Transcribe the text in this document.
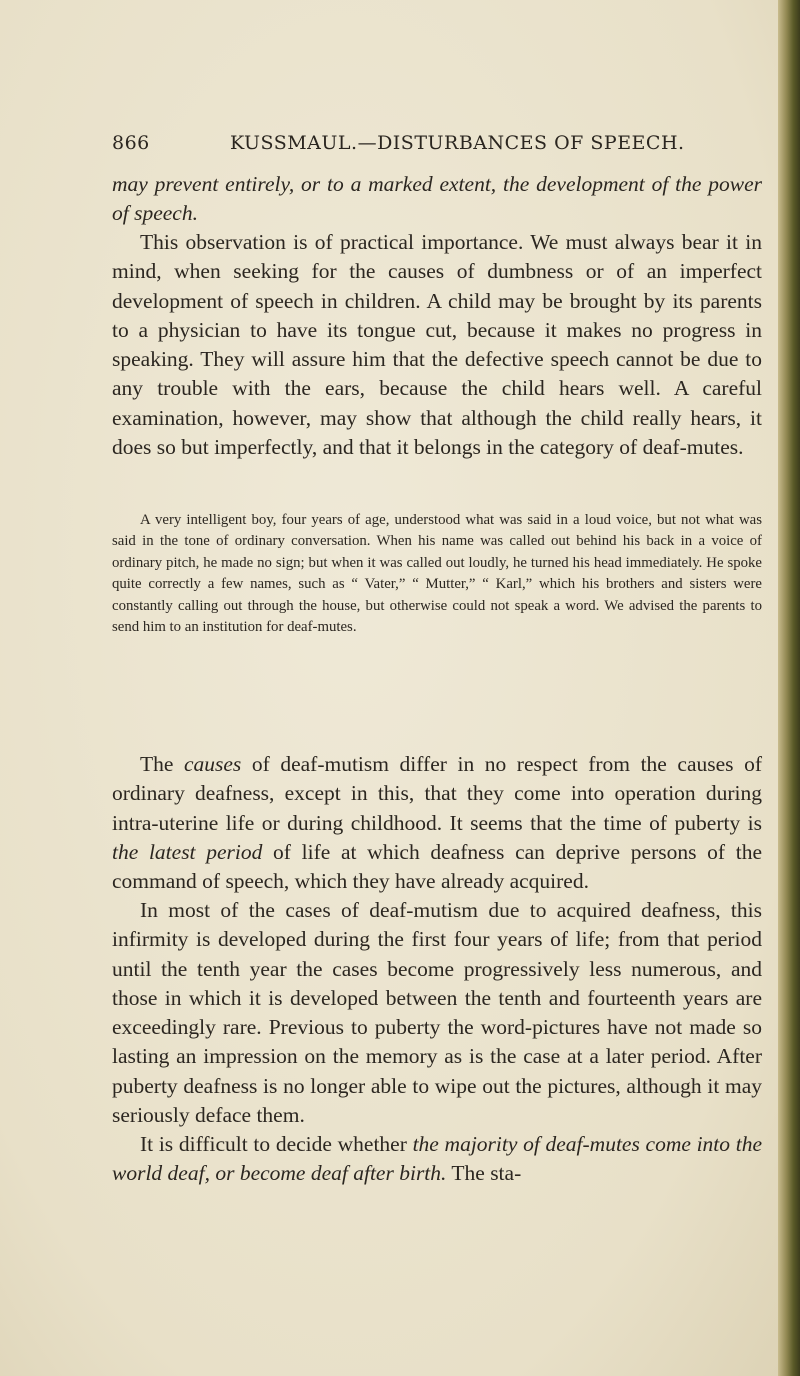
866	KUSSMAUL.—DISTURBANCES OF SPEECH.

may prevent entirely, or to a marked extent, the development of the power of speech.

This observation is of practical importance. We must always bear it in mind, when seeking for the causes of dumbness or of an imperfect development of speech in children. A child may be brought by its parents to a physician to have its tongue cut, because it makes no progress in speaking. They will assure him that the defective speech cannot be due to any trouble with the ears, because the child hears well. A careful examination, however, may show that although the child really hears, it does so but imperfectly, and that it belongs in the category of deaf-mutes.

A very intelligent boy, four years of age, understood what was said in a loud voice, but not what was said in the tone of ordinary conversation. When his name was called out behind his back in a voice of ordinary pitch, he made no sign; but when it was called out loudly, he turned his head immediately. He spoke quite correctly a few names, such as “ Vater,” “ Mutter,” “ Karl,” which his brothers and sisters were constantly calling out through the house, but otherwise could not speak a word. We advised the parents to send him to an institution for deaf-mutes.

The causes of deaf-mutism differ in no respect from the causes of ordinary deafness, except in this, that they come into operation during intra-uterine life or during childhood. It seems that the time of puberty is the latest period of life at which deafness can deprive persons of the command of speech, which they have already acquired.

In most of the cases of deaf-mutism due to acquired deafness, this infirmity is developed during the first four years of life; from that period until the tenth year the cases become progressively less numerous, and those in which it is developed between the tenth and fourteenth years are exceedingly rare. Previous to puberty the word-pictures have not made so lasting an impression on the memory as is the case at a later period. After puberty deafness is no longer able to wipe out the pictures, although it may seriously deface them.

It is difficult to decide whether the majority of deaf-mutes come into the world deaf, or become deaf after birth. The sta-
